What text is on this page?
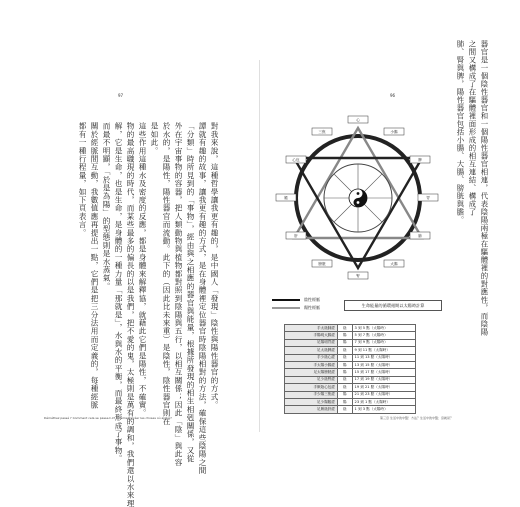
97
對我來說，這種哲學讓我更有趣的，是中國人「發現」陰性與陽性器官的方式。
譚就有趣的故事，讓我更有趣的方式，是在身體裡定位器官時陰陽相對的方法，確保這些陰陽之間
「分類」時所見到的「事物」，經由與之相應的器官與能量，根據所發現的相生相剋關係，又從
外在宇宙事物的容器，把人類動物與植物都對照到陰陽與五行，以相互關係；因此「陰」與此容
於水的，是陽性，陽性器官而流動。此下的（因此比未來重）是陰性，陰性器官則在
是如此。
這些作用這種水及密度的反應，都是身體來解釋協，就藉此它們是陽性，不確實。
物的最高職現的時代，而某些最多的偏長的以是我們，把不愛的鬼，太極則是萬有的調和，我們還以水來理
解，它是生命，也是生命，是身體的一種力量「那就是」，水與水的平衡，而最終形成了事物。
而最不明顯，「於是為陽」的型態則是水蒸氣。
關於經脈間互動，我數值應再提出一點，它們是把三分法用而定義的，每種經脈
都有一種行程量，如下頁表言。
Déméthez passé ? Comment cela se passe-t-il? Comment créer les choses où aimer?
96	器官是一個陰性器官和一個陽性器官相連，代表陰陽兩極在驅體裡的對應性，而陰陽
之間又構成了在驅體裡面形成的相互連結、構成了
肺、腎與脾，陽性器官包括小腸、大腸、膀胱與膽。
心
小腸
脾
胃
肺
大腸
腎
膀胱
肝
膽
心包
三焦
陰性經脈
陽性經脈	生命能量的循環週期以太陽時計算
手太陰肺經	陰	3 到 5 點（太陽時）
手陽明大腸經	陽	5 到 7 點（太陽時）
足陽明胃經	陽	7 到 9 點（太陽時）
足太陰脾經	陰	9 到 11 點（太陽時）
手少陰心經	陰	11 到 13 點（太陽時）
手太陽小腸經	陽	13 到 15 點（太陽時）
足太陽膀胱經	陽	15 到 17 點（太陽時）
足少陰腎經	陰	17 到 19 點（太陽時）
手厥陰心包經	陰	19 到 21 點（太陽時）
手少陽三焦經	陽	21 到 23 點（太陽時）
足少陽膽經	陽	23 到 1 點（太陽時）
足厥陰肝經	陰	1 到 3 點（太陽時）
第三章 生活中的中醫！方法？生活中的中醫；這就是？
